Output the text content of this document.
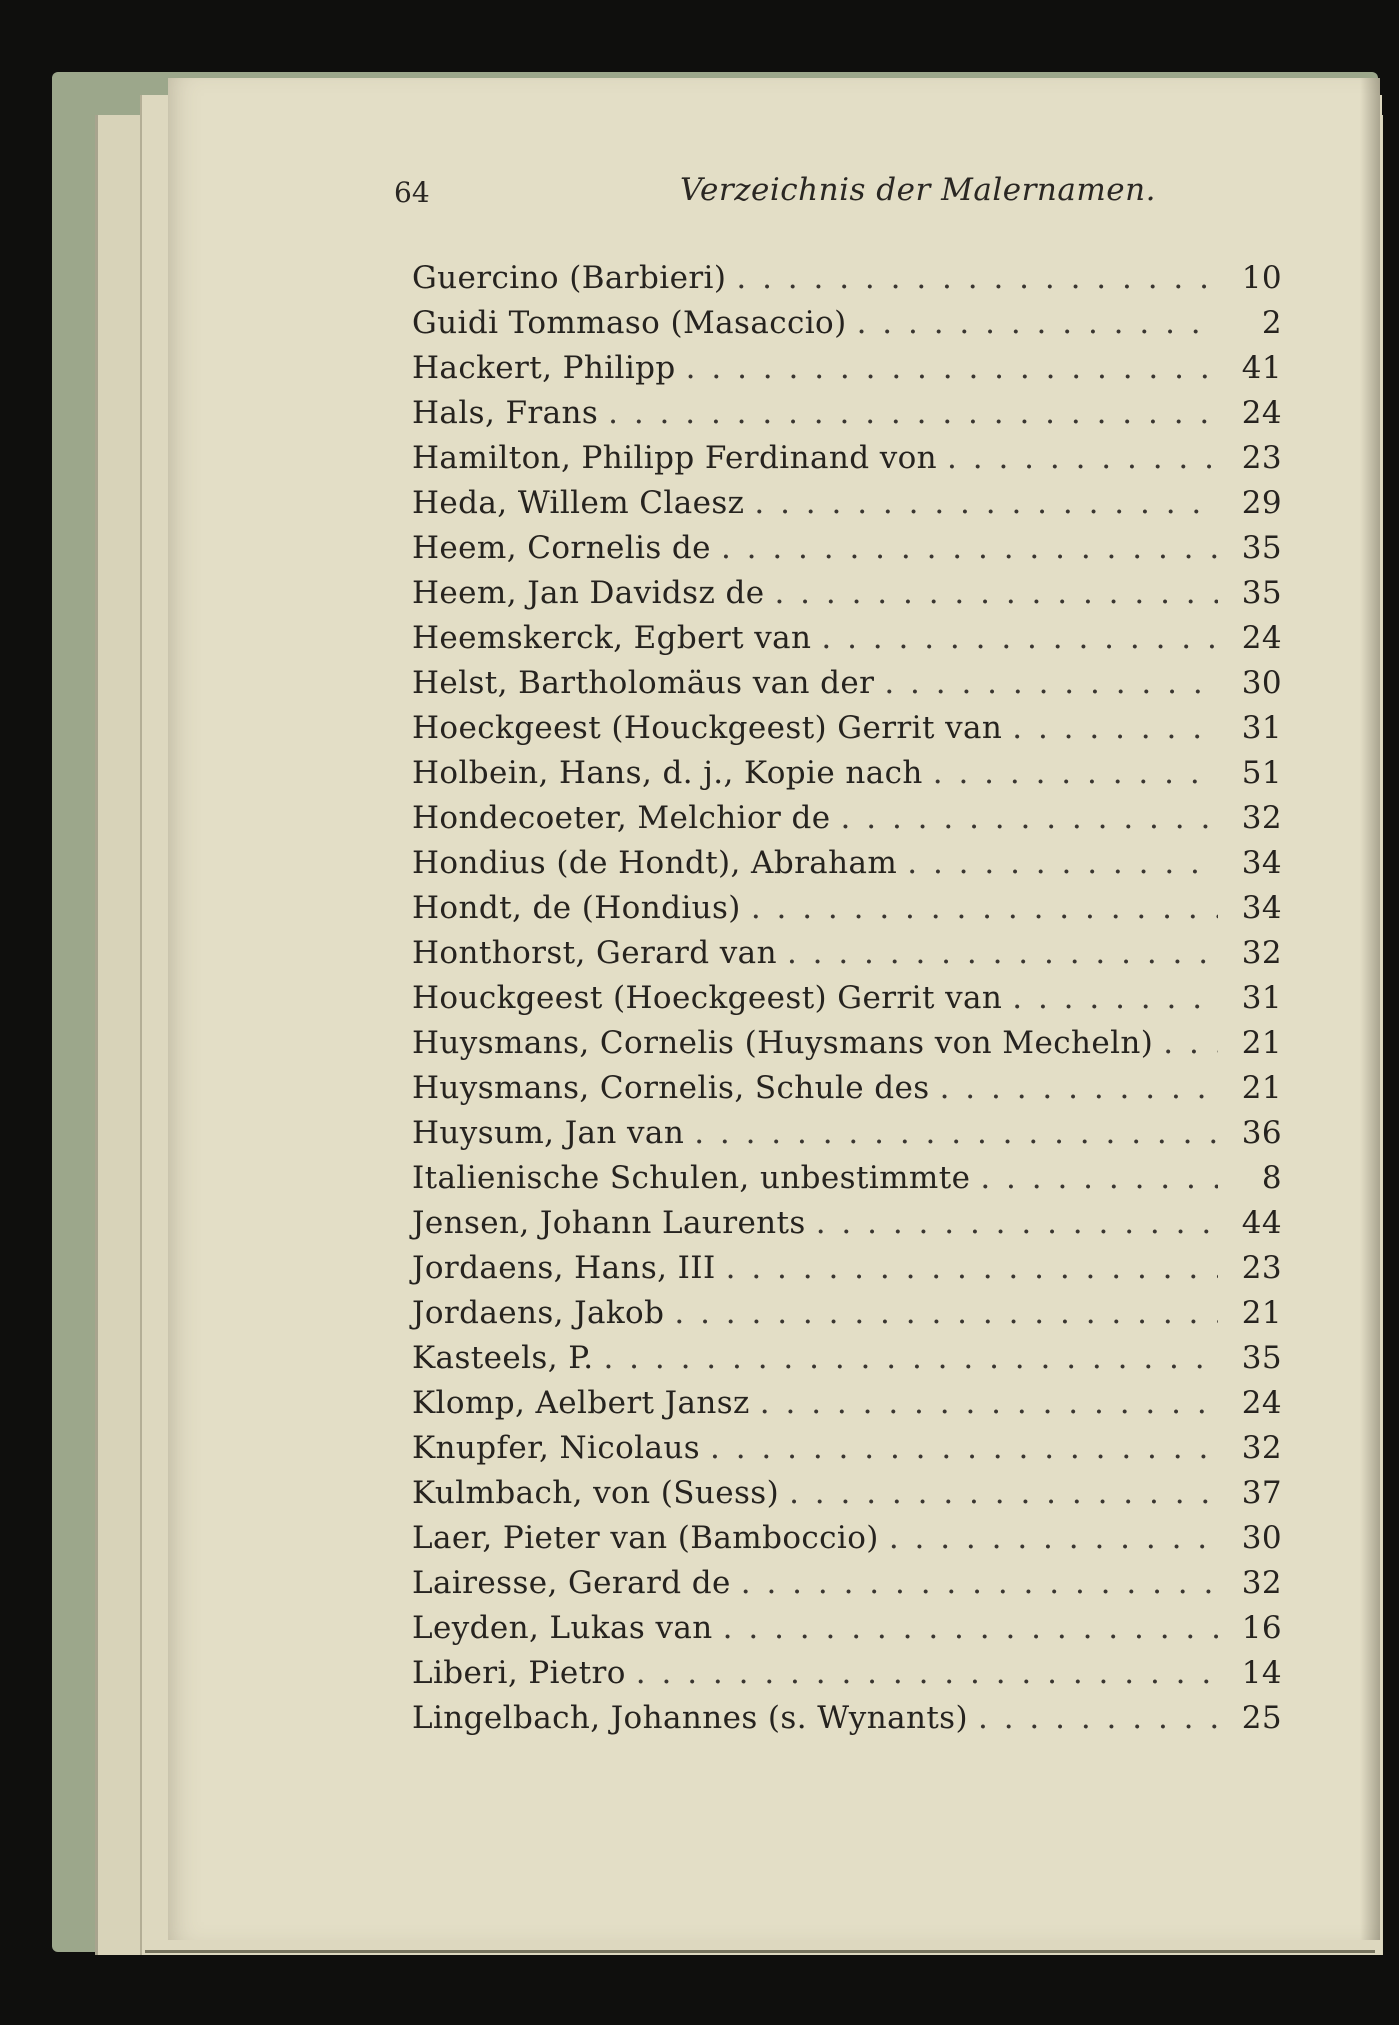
64	Verzeichnis der Malernamen.
Guercino (Barbieri) . . .	10
Guidi Tommaso (Masaccio) . . .	2
Hackert, Philipp . . .	41
Hals, Frans . . .	24
Hamilton, Philipp Ferdinand von . . .	23
Heda, Willem Claesz . . .	29
Heem, Cornelis de . . .	35
Heem, Jan Davidsz de . . .	35
Heemskerck, Egbert van . . .	24
Helst, Bartholomäus van der . . .	30
Hoeckgeest (Houckgeest) Gerrit van . . .	31
Holbein, Hans, d. j., Kopie nach . . .	51
Hondecoeter, Melchior de . . .	32
Hondius (de Hondt), Abraham . . .	34
Hondt, de (Hondius) . . .	34
Honthorst, Gerard van . . .	32
Houckgeest (Hoeckgeest) Gerrit van . . .	31
Huysmans, Cornelis (Huysmans von Mecheln) . . .	21
Huysmans, Cornelis, Schule des . . .	21
Huysum, Jan van . . .	36
Italienische Schulen, unbestimmte . . .	8
Jensen, Johann Laurents . . .	44
Jordaens, Hans, III . . .	23
Jordaens, Jakob . . .	21
Kasteels, P. . . .	35
Klomp, Aelbert Jansz . . .	24
Knupfer, Nicolaus . . .	32
Kulmbach, von (Suess) . . .	37
Laer, Pieter van (Bamboccio) . . .	30
Lairesse, Gerard de . . .	32
Leyden, Lukas van . . .	16
Liberi, Pietro . . .	14
Lingelbach, Johannes (s. Wynants) . . .	25
